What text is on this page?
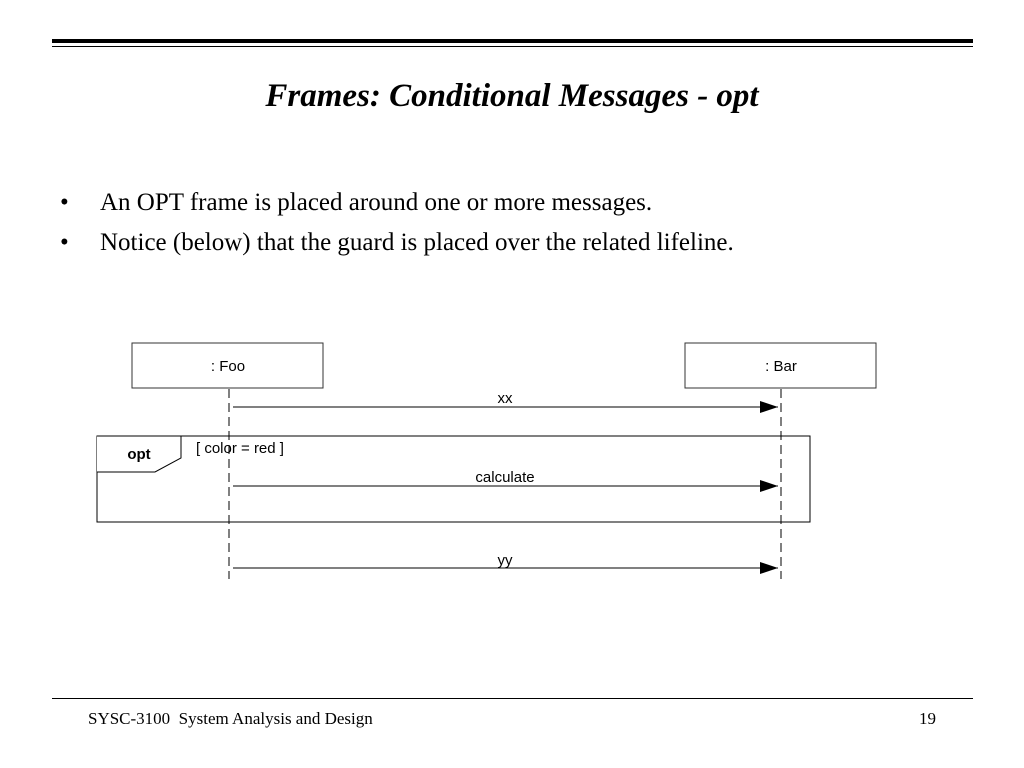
Frames: Conditional Messages - opt
• An OPT frame is placed around one or more messages.
• Notice (below) that the guard is placed over the related lifeline.
: Foo	: Bar
opt	[ color = red ]
xx
calculate
yy
SYSC-3100  System Analysis and Design	19
